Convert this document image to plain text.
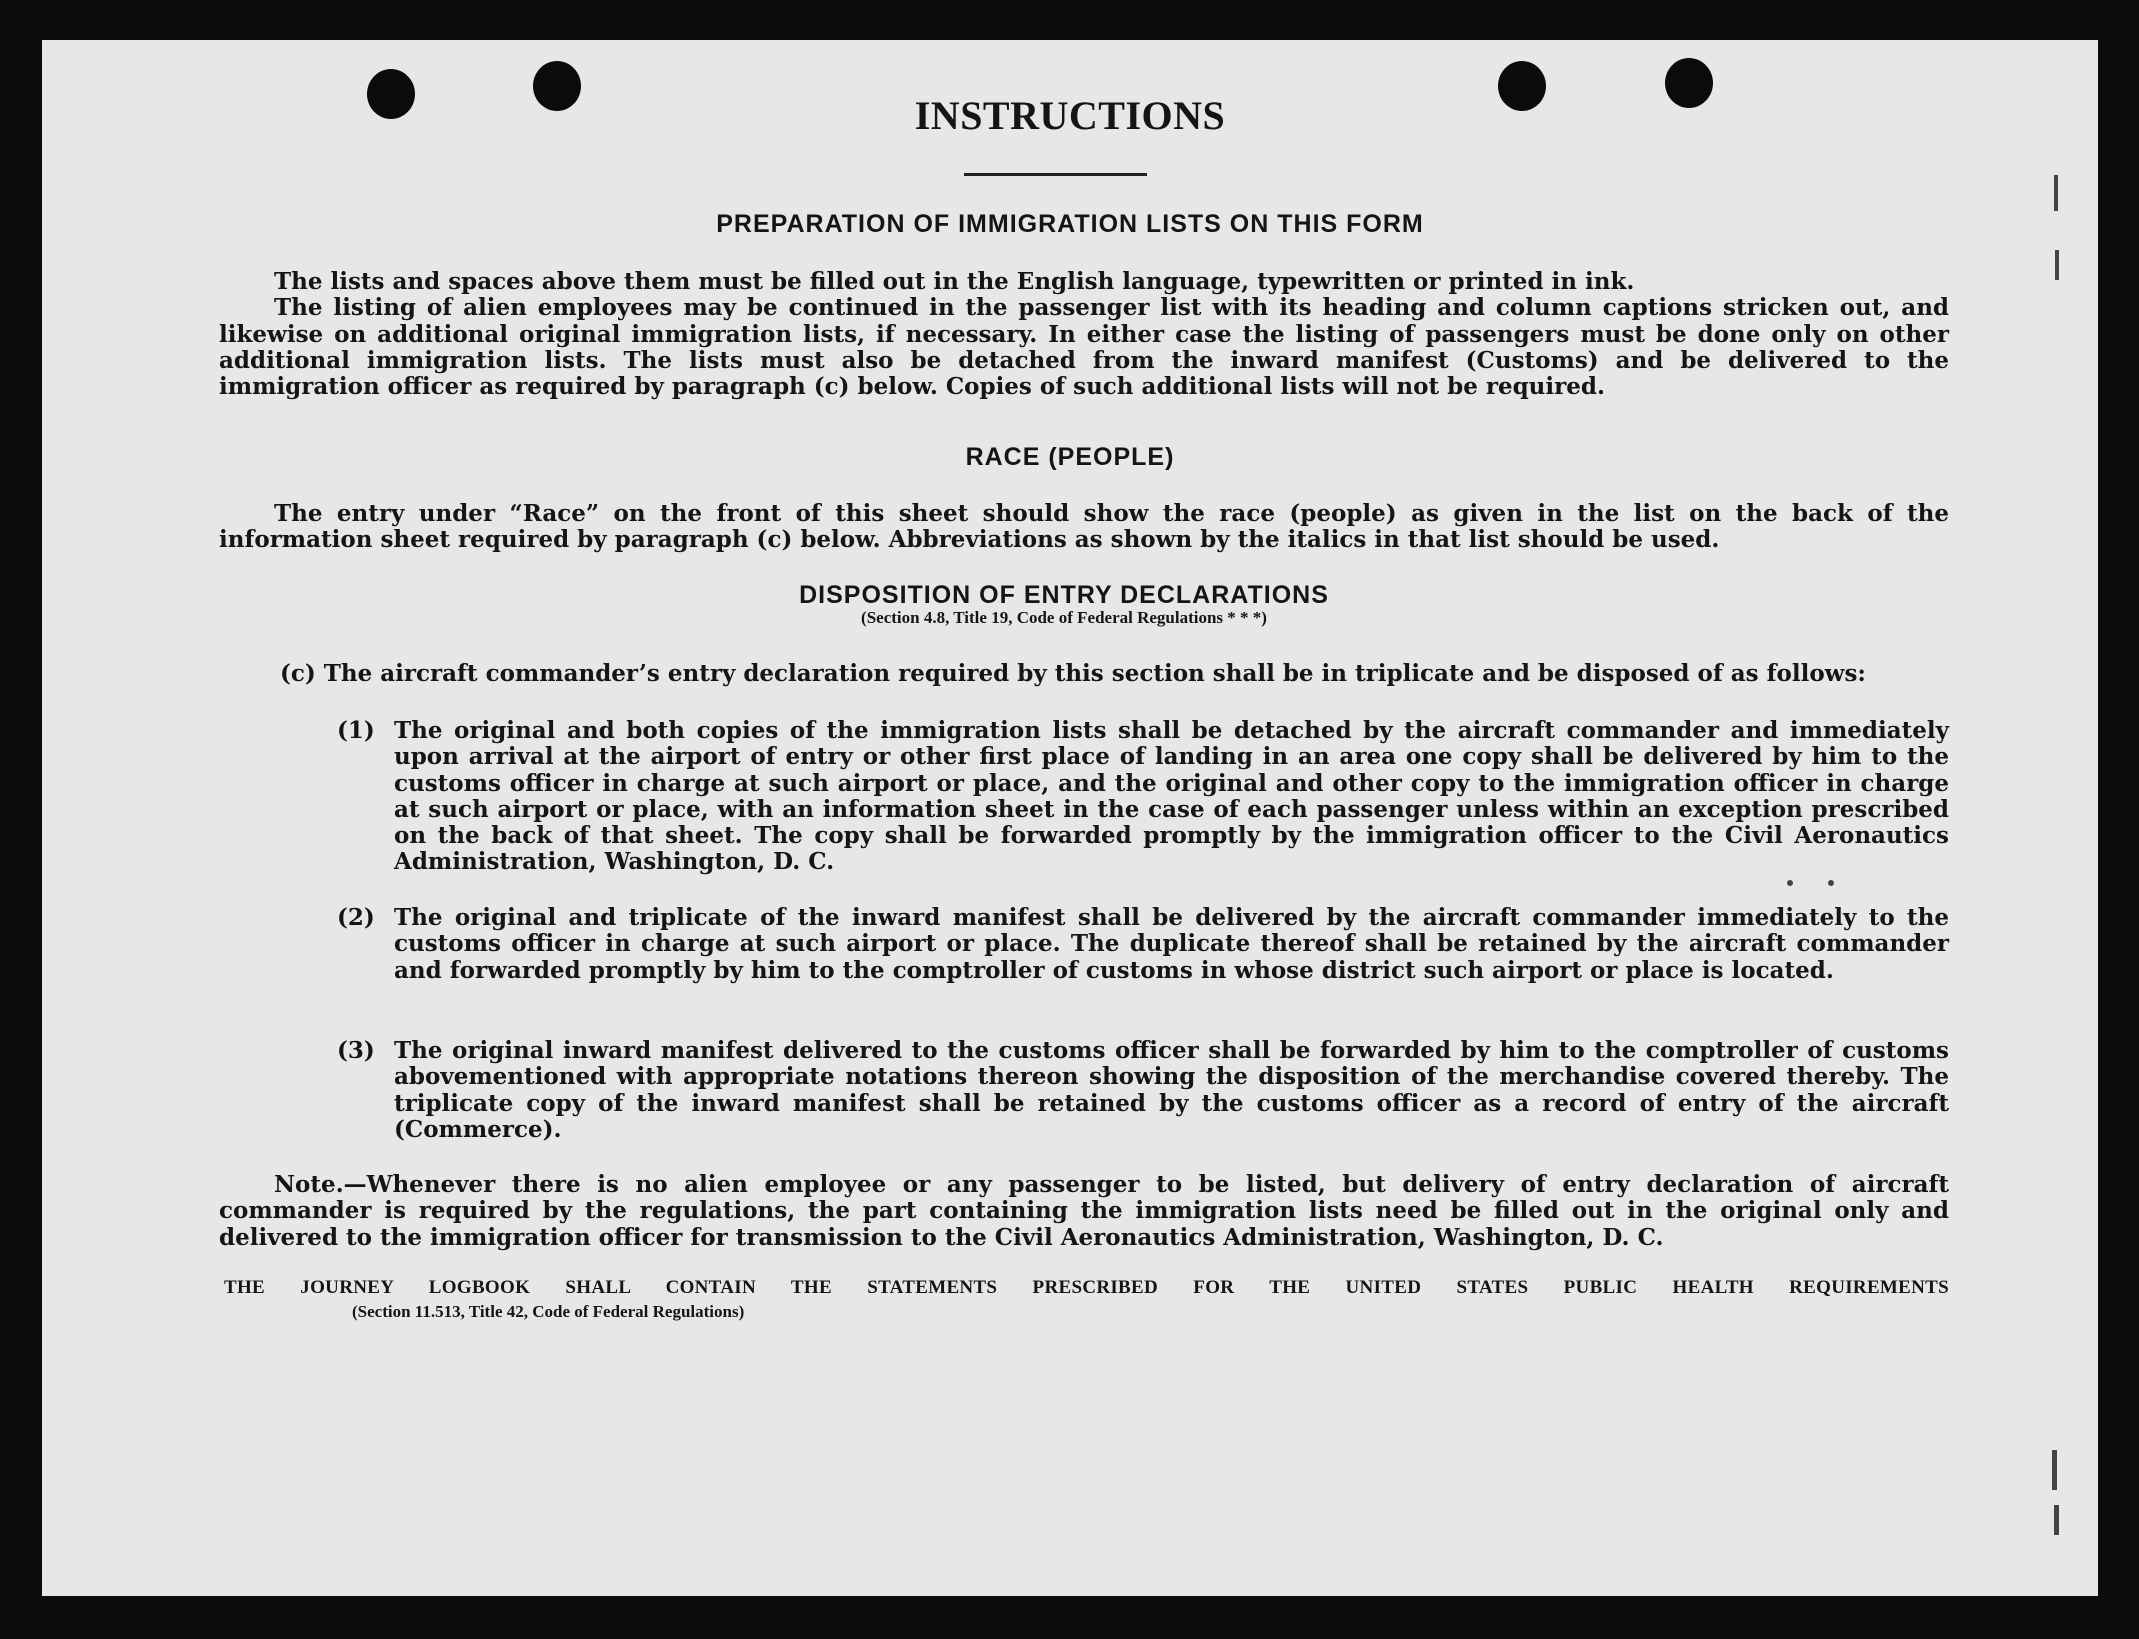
INSTRUCTIONS
PREPARATION OF IMMIGRATION LISTS ON THIS FORM
The lists and spaces above them must be filled out in the English language, typewritten or printed in ink.
The listing of alien employees may be continued in the passenger list with its heading and column captions stricken out, and likewise on additional original immigration lists, if necessary. In either case the listing of passengers must be done only on other additional immigration lists. The lists must also be detached from the inward manifest (Customs) and be delivered to the immigration officer as required by paragraph (c) below. Copies of such additional lists will not be required.
RACE (PEOPLE)
The entry under “Race” on the front of this sheet should show the race (people) as given in the list on the back of the information sheet required by paragraph (c) below. Abbreviations as shown by the italics in that list should be used.
DISPOSITION OF ENTRY DECLARATIONS
(Section 4.8, Title 19, Code of Federal Regulations * * *)
(c) The aircraft commander’s entry declaration required by this section shall be in triplicate and be disposed of as follows:
(1) The original and both copies of the immigration lists shall be detached by the aircraft commander and immediately upon arrival at the airport of entry or other first place of landing in an area one copy shall be delivered by him to the customs officer in charge at such airport or place, and the original and other copy to the immigration officer in charge at such airport or place, with an information sheet in the case of each passenger unless within an exception prescribed on the back of that sheet. The copy shall be forwarded promptly by the immigration officer to the Civil Aeronautics Administration, Washington, D. C.
(2) The original and triplicate of the inward manifest shall be delivered by the aircraft commander immediately to the customs officer in charge at such airport or place. The duplicate thereof shall be retained by the aircraft commander and forwarded promptly by him to the comptroller of customs in whose district such airport or place is located.
(3) The original inward manifest delivered to the customs officer shall be forwarded by him to the comptroller of customs abovementioned with appropriate notations thereon showing the disposition of the merchandise covered thereby. The triplicate copy of the inward manifest shall be retained by the customs officer as a record of entry of the aircraft (Commerce).
Note.—Whenever there is no alien employee or any passenger to be listed, but delivery of entry declaration of aircraft commander is required by the regulations, the part containing the immigration lists need be filled out in the original only and delivered to the immigration officer for transmission to the Civil Aeronautics Administration, Washington, D. C.
THE JOURNEY LOGBOOK SHALL CONTAIN THE STATEMENTS PRESCRIBED FOR THE UNITED STATES PUBLIC HEALTH REQUIREMENTS
(Section 11.513, Title 42, Code of Federal Regulations)
